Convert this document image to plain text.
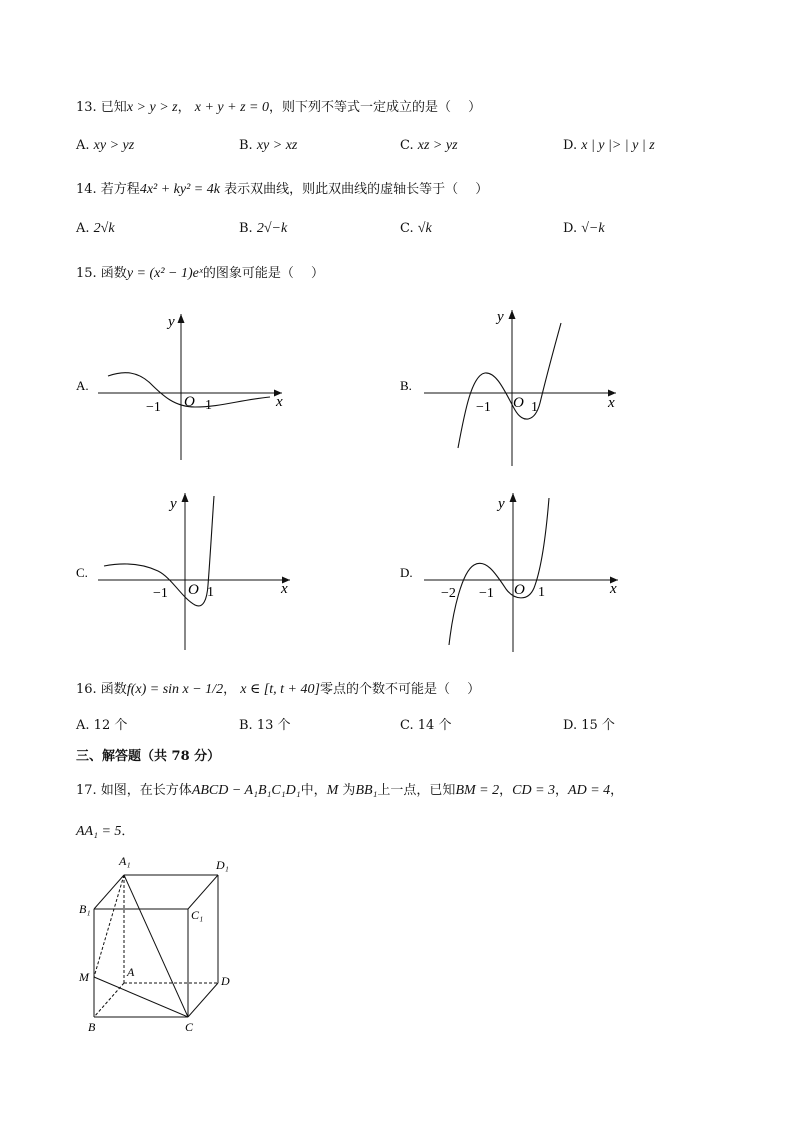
13. 已知x > y > z， x + y + z = 0，则下列不等式一定成立的是（　 ）
A. xy > yz	B. xy > xz	C. xz > yz	D. x | y |> | y | z
14. 若方程4x² + ky² = 4k 表示双曲线，则此双曲线的虚轴长等于（　 ）
A. 2√k	B. 2√−k	C. √k	D. √−k
15. 函数y = (x² − 1)eˣ的图象可能是（　 ）
A.
y
x
O
−1	1
B.
y
x
O
−1	1
C.
y
x
O
−1	1
D.
y
x
O
−2 −1	1
16. 函数f(x) = sin x − 1/2， x ∈ [t, t + 40]零点的个数不可能是（　 ）
A. 12 个	B. 13 个	C. 14 个	D. 15 个
三、解答题（共 78 分）
17. 如图，在长方体ABCD − A₁B₁C₁D₁中，M 为BB₁上一点，已知BM = 2，CD = 3，AD = 4，
AA₁ = 5．
A₁	D₁
B₁	C₁
M	A
D
B	C
